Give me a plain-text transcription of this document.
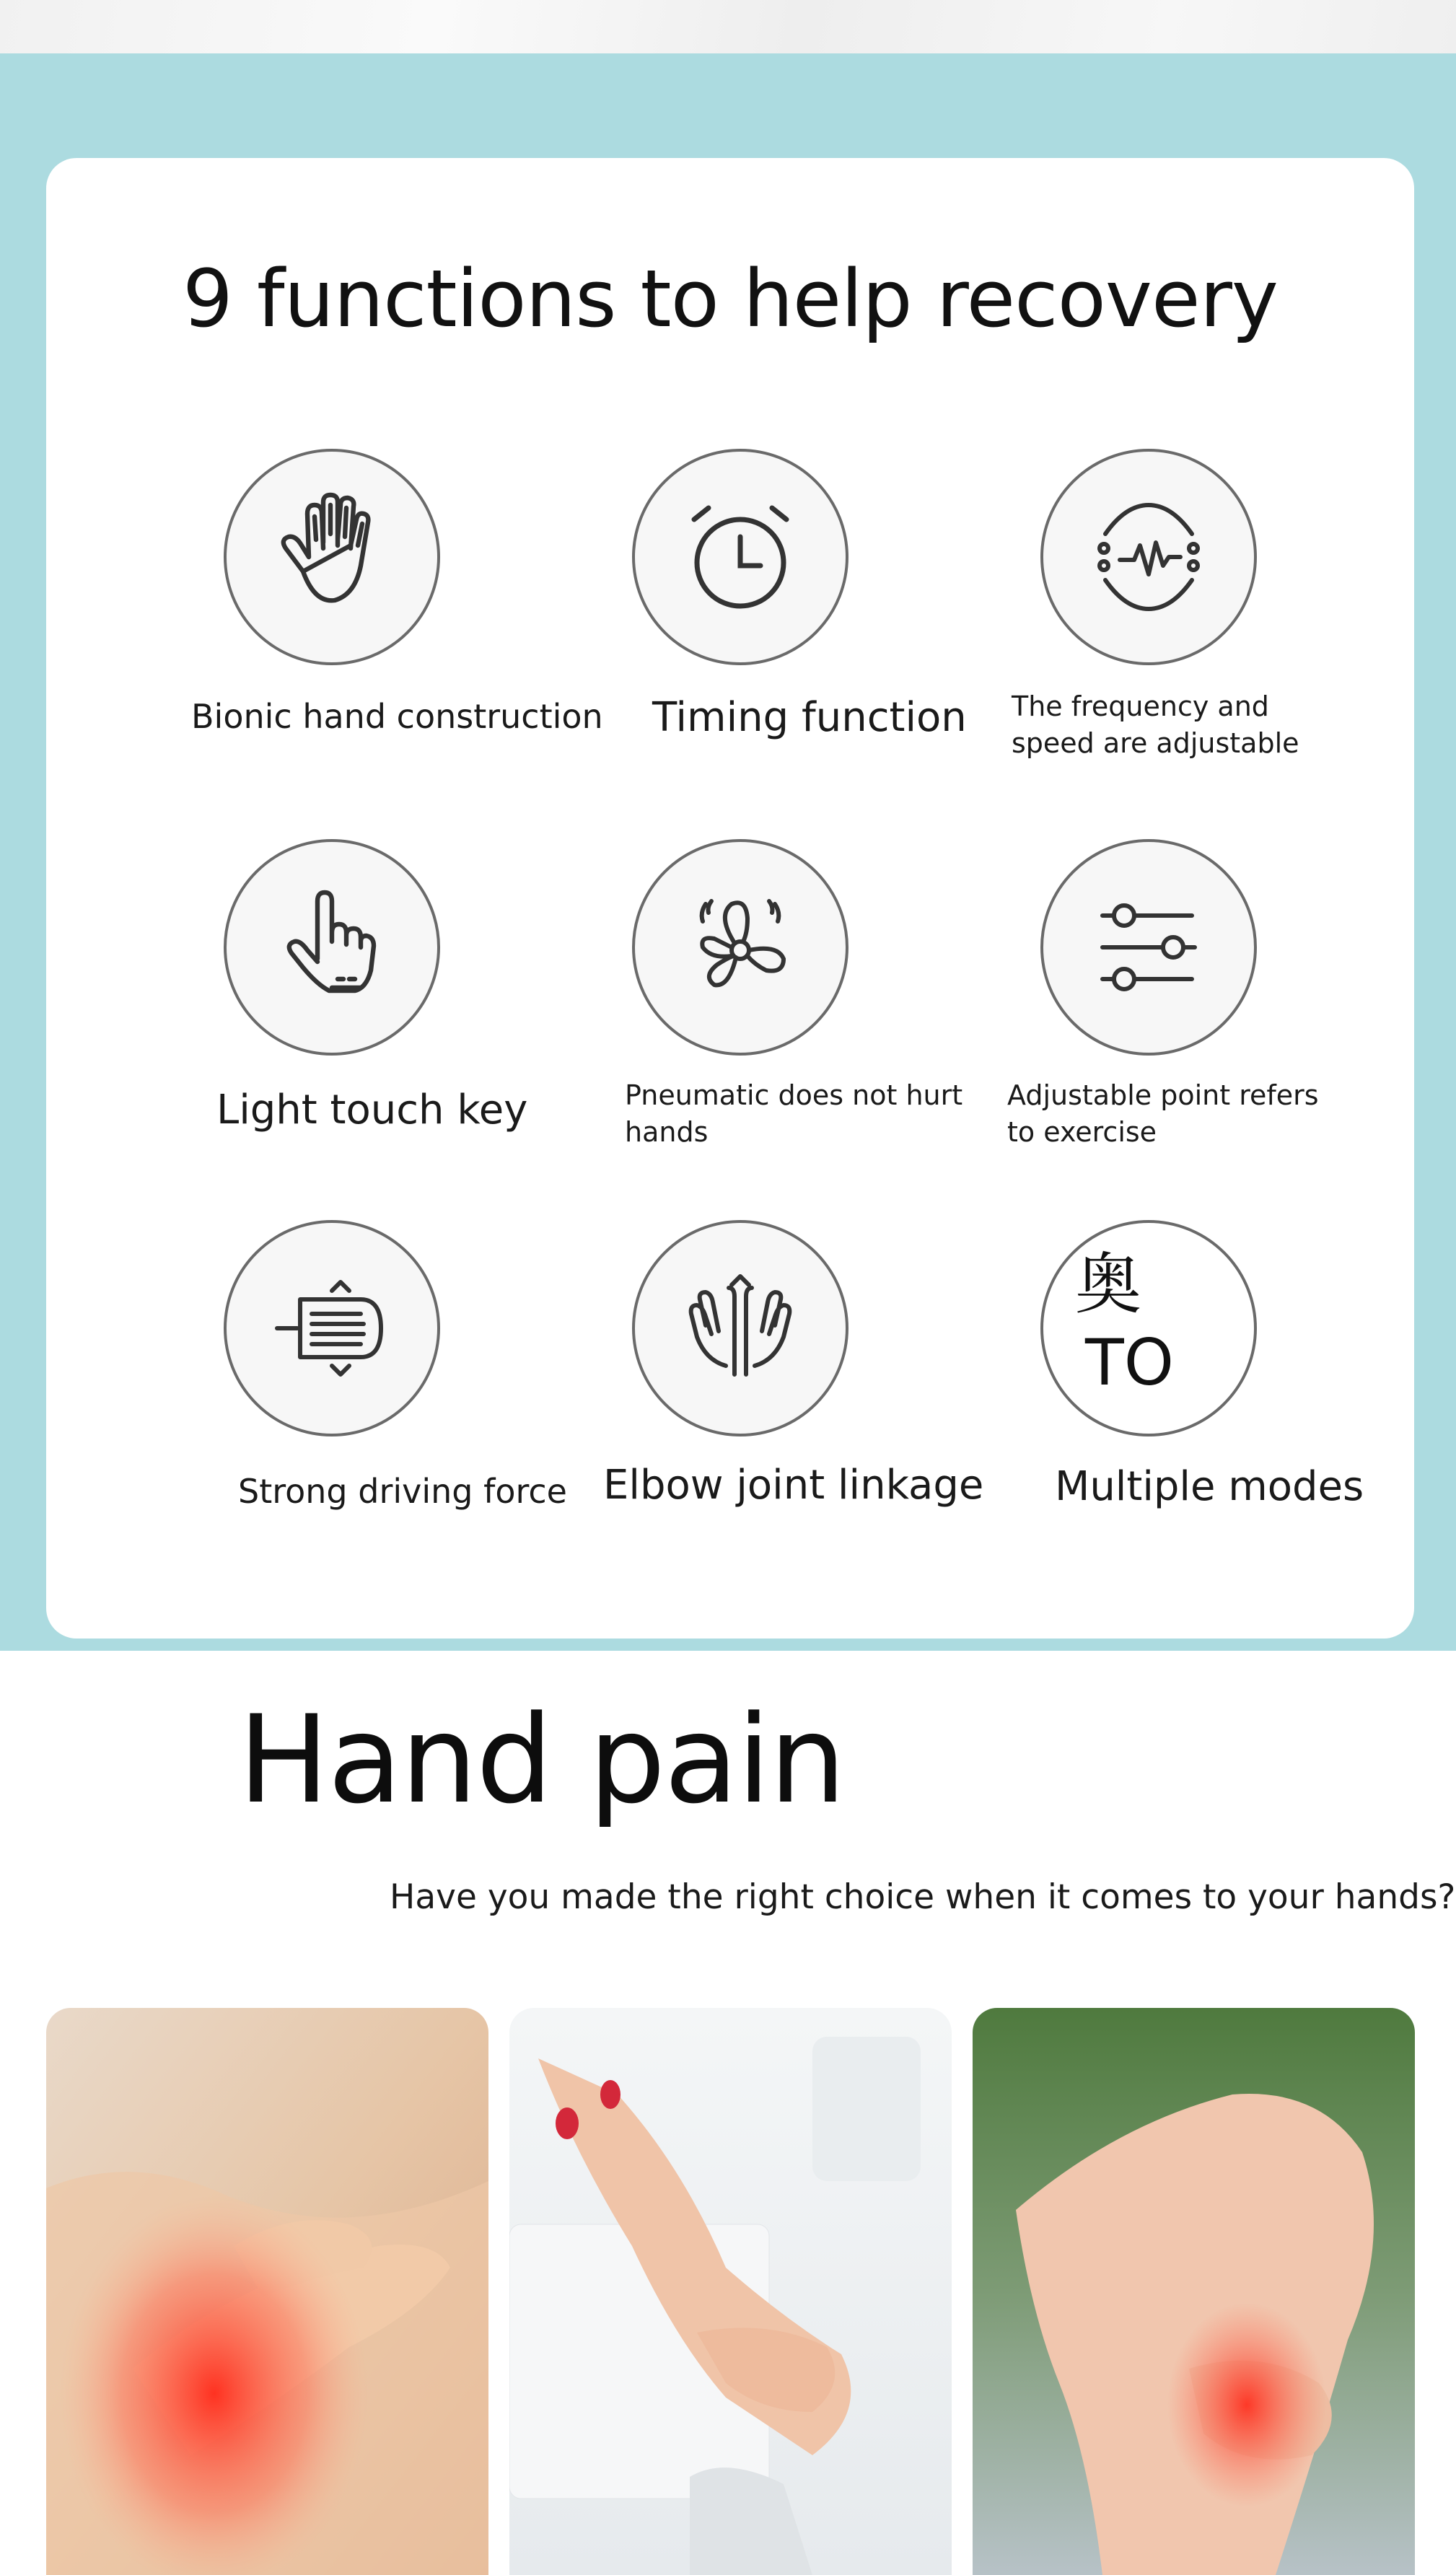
9 functions to help recovery
Bionic hand construction	Timing function	The frequency and speed are adjustable
Light touch key	Pneumatic does not hurt hands
Adjustable point refers to exercise
Strong driving force Elbow joint linkage
奥
TO
Multiple modes
Hand pain
Have you made the right choice when it comes to your hands?
